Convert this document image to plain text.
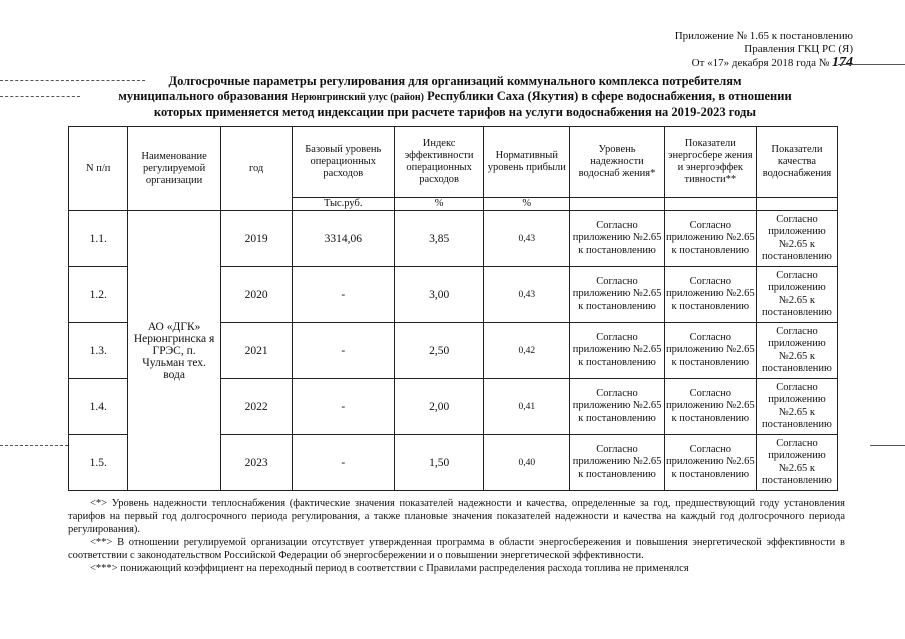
Приложение № 1.65 к постановлению
Правления ГКЦ РС (Я)
От «17» декабря 2018 года № 174
Долгосрочные параметры регулирования для организаций коммунального комплекса потребителям
муниципального образования Нерюнгринский улус (район) Республики Саха (Якутия) в сфере водоснабжения, в отношении
которых применяется метод индексации при расчете тарифов на услуги водоснабжения на 2019-2023 годы
N п/п	Наименование регулируемой организации	год	Базовый уровень операционных расходов	Индекс эффективности операционных расходов	Нормативный уровень прибыли	Уровень надежности водоснаб жения*	Показатели энергосбере жения и энергоэффек тивности**	Показатели качества водоснабжения
			Тыс.руб.	%	%			
1.1.	АО «ДГК» Нерюнгринска я ГРЭС, п. Чульман тех. вода	2019	3314,06	3,85	0,43	Согласно приложению №2.65 к постановлению	Согласно приложению №2.65 к постановлению	Согласно приложению №2.65 к постановлению
1.2.		2020	-	3,00	0,43	Согласно приложению №2.65 к постановлению	Согласно приложению №2.65 к постановлению	Согласно приложению №2.65 к постановлению
1.3.		2021	-	2,50	0,42	Согласно приложению №2.65 к постановлению	Согласно приложению №2.65 к постановлению	Согласно приложению №2.65 к постановлению
1.4.		2022	-	2,00	0,41	Согласно приложению №2.65 к постановлению	Согласно приложению №2.65 к постановлению	Согласно приложению №2.65 к постановлению
1.5.		2023	-	1,50	0,40	Согласно приложению №2.65 к постановлению	Согласно приложению №2.65 к постановлению	Согласно приложению №2.65 к постановлению

<*> Уровень надежности теплоснабжения (фактические значения показателей надежности и качества, определенные за год, предшествующий году установления тарифов на первый год долгосрочного периода регулирования, а также плановые значения показателей надежности и качества на каждый год долгосрочного периода регулирования).

<**> В отношении регулируемой организации отсутствует утвержденная программа в области энергосбережения и повышения энергетической эффективности в соответствии с законодательством Российской Федерации об энергосбережении и о повышении энергетической эффективности.

<***> понижающий коэффициент на переходный период в соответствии с Правилами распределения расхода топлива не применялся
